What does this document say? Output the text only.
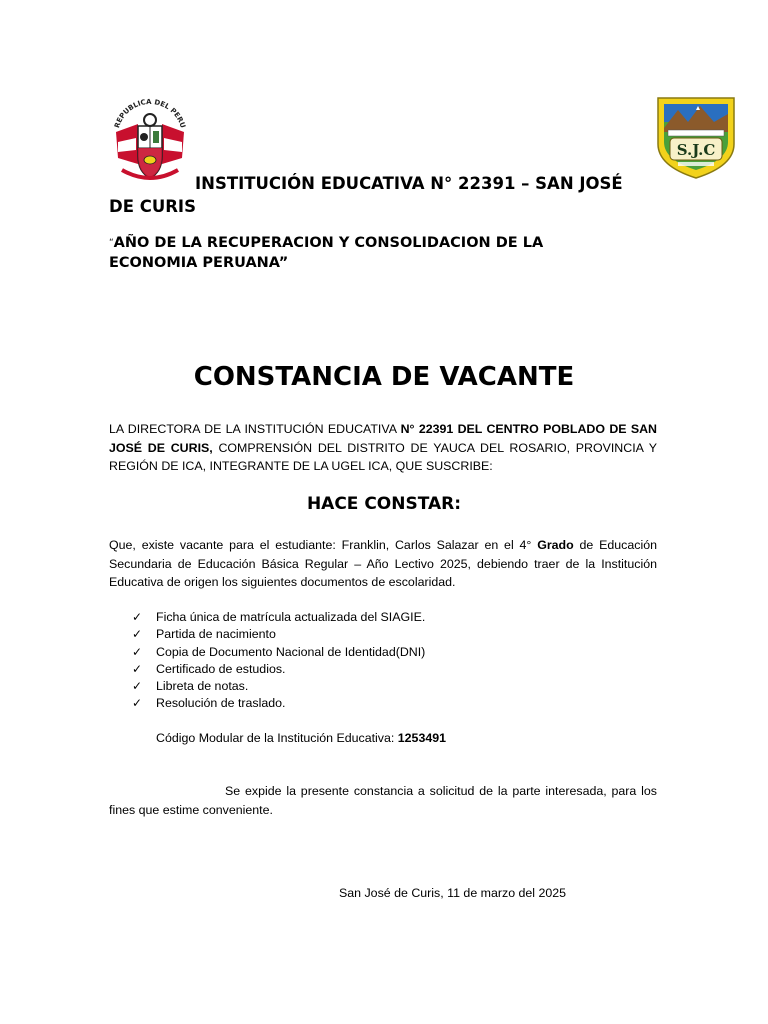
REPUBLICA DEL PERU
S.J.C
INSTITUCIÓN EDUCATIVA N° 22391 – SAN JOSÉ DE CURIS
“AÑO DE LA RECUPERACION Y CONSOLIDACION DE LA ECONOMIA PERUANA”
CONSTANCIA DE VACANTE
LA DIRECTORA DE LA INSTITUCIÓN EDUCATIVA N° 22391 DEL CENTRO POBLADO DE SAN JOSÉ DE CURIS, COMPRENSIÓN DEL DISTRITO DE YAUCA DEL ROSARIO, PROVINCIA Y REGIÓN DE ICA, INTEGRANTE DE LA UGEL ICA, QUE SUSCRIBE:
HACE CONSTAR:
Que, existe vacante para el estudiante: Franklin, Carlos Salazar en el 4° Grado de Educación Secundaria de Educación Básica Regular – Año Lectivo 2025, debiendo traer de la Institución Educativa de origen los siguientes documentos de escolaridad.
✓	Ficha única de matrícula actualizada del SIAGIE.
✓	Partida de nacimiento
✓	Copia de Documento Nacional de Identidad(DNI)
✓	Certificado de estudios.
✓	Libreta de notas.
✓	Resolución de traslado.
Código Modular de la Institución Educativa: 1253491
Se expide la presente constancia a solicitud de la parte interesada, para los fines que estime conveniente.
San José de Curis, 11 de marzo del 2025
